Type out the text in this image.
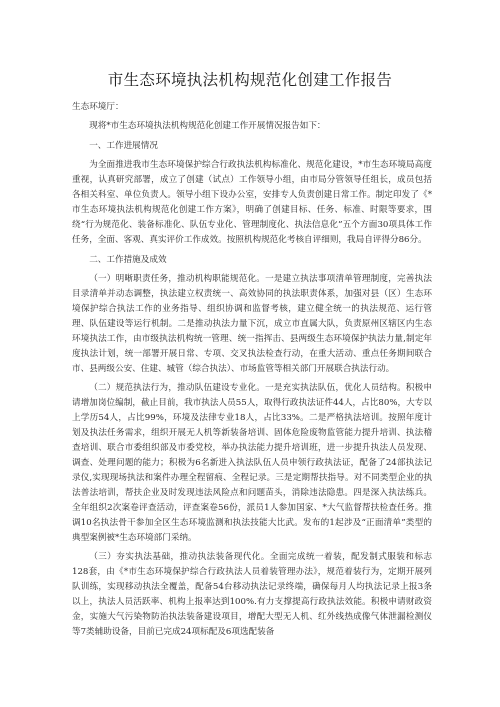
市生态环境执法机构规范化创建工作报告

生态环境厅：

现将*市生态环境执法机构规范化创建工作开展情况报告如下：

一、工作进展情况

为全面推进我市生态环境保护综合行政执法机构标准化、规范化建设，*市生态环境局高度重视，认真研究部署，成立了创建（试点）工作领导小组，由市局分管领导任组长，成员包括各相关科室、单位负责人。领导小组下设办公室，安排专人负责创建日常工作。制定印发了《*市生态环境执法机构规范化创建工作方案》，明确了创建目标、任务、标准、时限等要求，围绕“行为规范化、装备标准化、队伍专业化、管理制度化、执法信息化”五个方面30项具体工作任务，全面、客观、真实评价工作成效。按照机构规范化考核自评细则，我局自评得分86分。

二、工作措施及成效

（一）明晰职责任务，推动机构职能规范化。一是建立执法事项清单管理制度，完善执法目录清单并动态调整，执法建立权责统一、高效协同的执法职责体系，加强对县（区）生态环境保护综合执法工作的业务指导、组织协调和监督考核，建立健全统一的执法规范、运行管理、队伍建设等运行机制。二是推动执法力量下沉，成立市直属大队，负责原州区辖区内生态环境执法工作，由市级执法机构统一管理、统一指挥击、县两级生态环境保护执法力量,制定年度执法计划，统一部署开展日常、专项、交叉执法检查行动，在重大活动、重点任务期间联合市、县两级公安、住建、城管（综合执法）、市场监管等相关部门开展联合执法行动。

（二）规范执法行为，推动队伍建设专业化。一是充实执法队伍，优化人员结构。积极申请增加岗位编制，截止目前，我市执法人员55人，取得行政执法证件44人，占比80%，大专以上学历54人，占比99%，环境及法律专业18人，占比33%。二是严格执法培训。按照年度计划及执法任务需求，组织开展无人机等新装备培训、固体危险废物监管能力提升培训、执法稽查培训、联合市委组织部及市委党校，举办执法能力提升培训班，进一步提升执法人员发现、调查、处理问题的能力；积极为6名新进入执法队伍人员申领行政执法证，配备了24部执法记录仪,实现现场执法和案件办理全程留痕、全程记录。三是定期帮扶指导。对不同类型企业的执法普法培训，帮扶企业及时发现违法风险点和问题苗头，消除违法隐患。四是深入执法练兵。全年组织2次案卷评查活动，评查案卷56份，派员1人参加国家、*大气监督帮扶检查任务。推调10名执法骨干参加全区生态环境监测和执法技能大比武。发布的1起涉及“正面清单”类型的典型案例被*生态环境部门采纳。

（三）夯实执法基础，推动执法装备现代化。全面完成统一着装，配发制式服装和标志128套，由《*市生态环境保护综合行政执法人员着装管理办法》，规范着装行为，定期开展列队训练，实现移动执法全覆盖，配备54台移动执法记录终端，确保每月人均执法记录上报3条以上，执法人员活跃率、机构上报率达到100%.有力支撑提高行政执法效能。积极申请财政资金，实施大气污染物防治执法装备建设项目，增配大型无人机、红外线热成像气体泄漏检测仪等7类辅助设备，目前已完成24项标配及6项选配装备
